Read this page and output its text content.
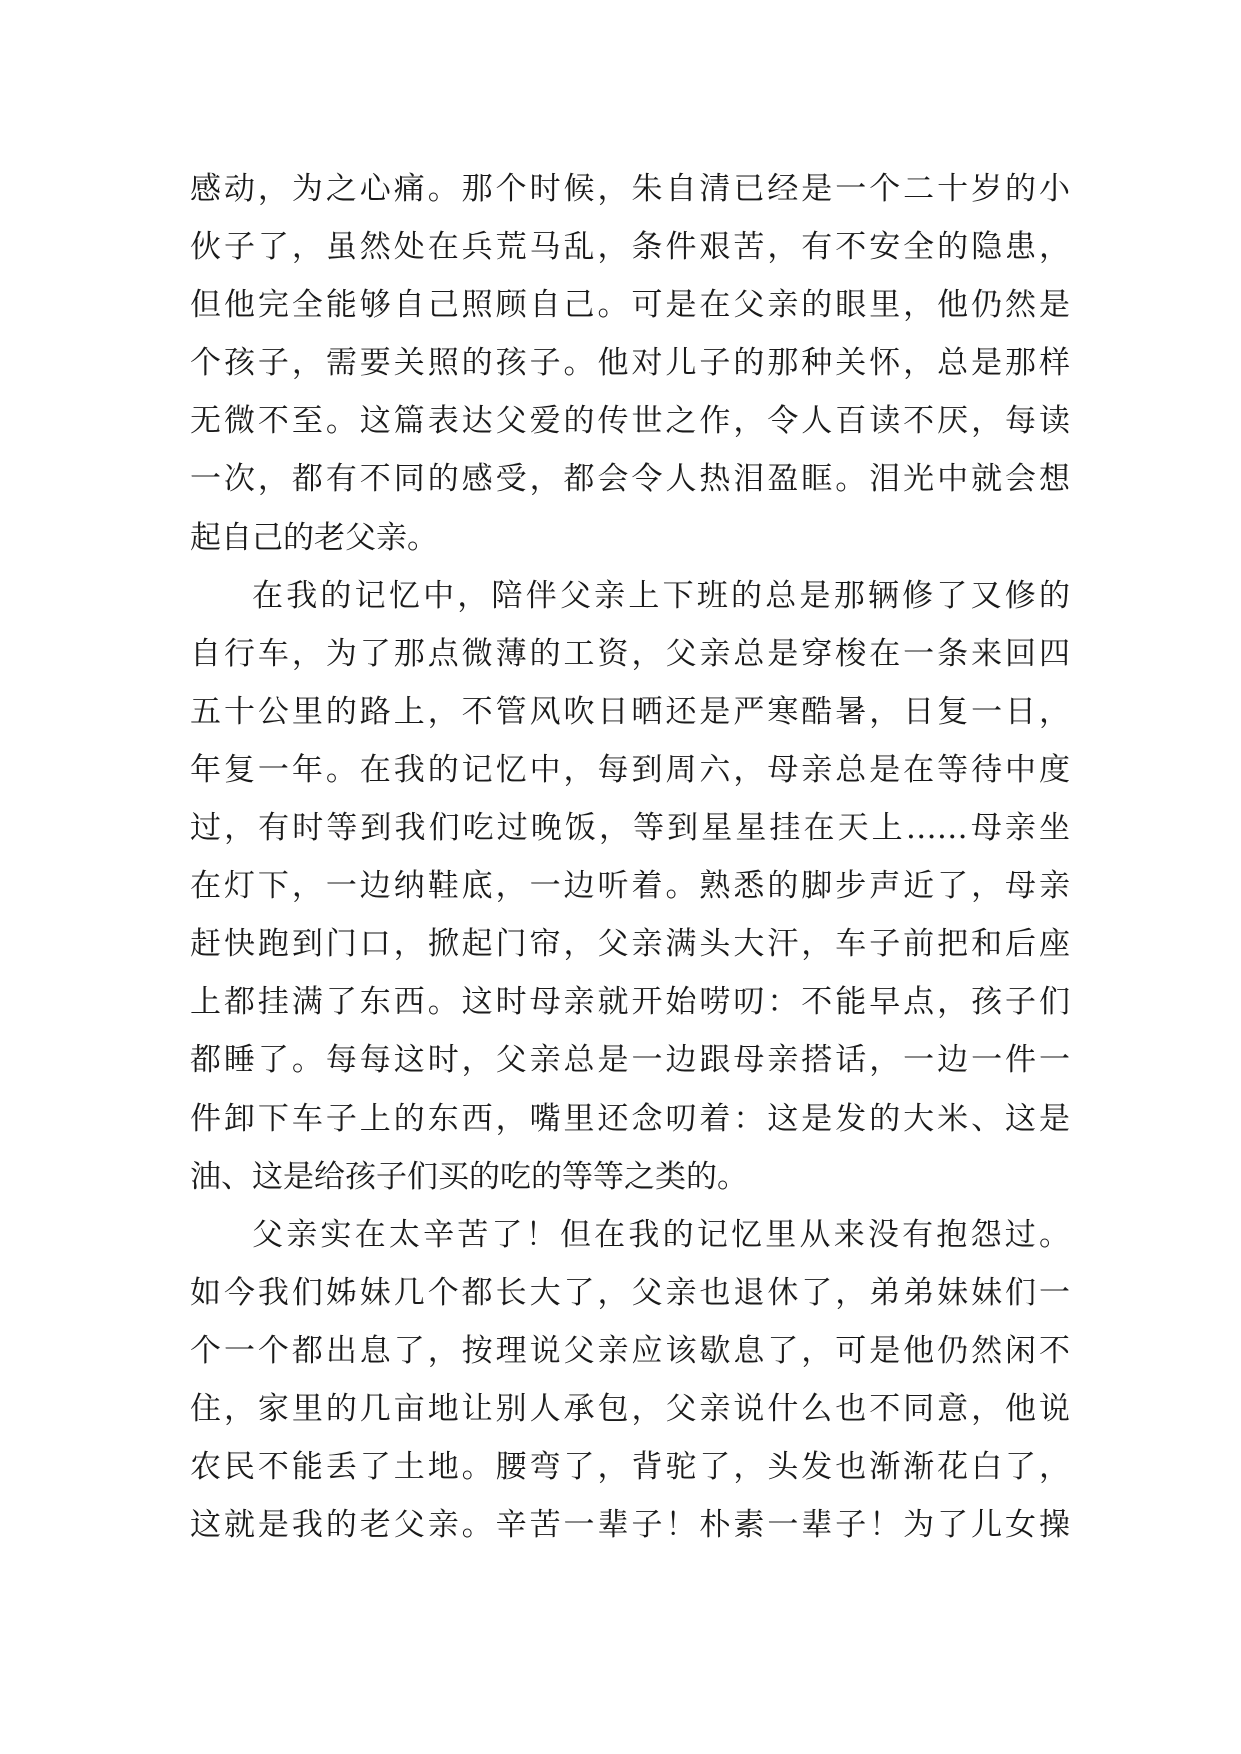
感动，为之心痛。那个时候，朱自清已经是一个二十岁的小
伙子了，虽然处在兵荒马乱，条件艰苦，有不安全的隐患，
但他完全能够自己照顾自己。可是在父亲的眼里，他仍然是
个孩子，需要关照的孩子。他对儿子的那种关怀，总是那样
无微不至。这篇表达父爱的传世之作，令人百读不厌，每读
一次，都有不同的感受，都会令人热泪盈眶。泪光中就会想
起自己的老父亲。
在我的记忆中，陪伴父亲上下班的总是那辆修了又修的
自行车，为了那点微薄的工资，父亲总是穿梭在一条来回四
五十公里的路上，不管风吹日晒还是严寒酷暑，日复一日，
年复一年。在我的记忆中，每到周六，母亲总是在等待中度
过，有时等到我们吃过晚饭，等到星星挂在天上……母亲坐
在灯下，一边纳鞋底，一边听着。熟悉的脚步声近了，母亲
赶快跑到门口，掀起门帘，父亲满头大汗，车子前把和后座
上都挂满了东西。这时母亲就开始唠叨：不能早点，孩子们
都睡了。每每这时，父亲总是一边跟母亲搭话，一边一件一
件卸下车子上的东西，嘴里还念叨着：这是发的大米、这是
油、这是给孩子们买的吃的等等之类的。
父亲实在太辛苦了！但在我的记忆里从来没有抱怨过。
如今我们姊妹几个都长大了，父亲也退休了，弟弟妹妹们一
个一个都出息了，按理说父亲应该歇息了，可是他仍然闲不
住，家里的几亩地让别人承包，父亲说什么也不同意，他说
农民不能丢了土地。腰弯了，背驼了，头发也渐渐花白了，
这就是我的老父亲。辛苦一辈子！朴素一辈子！为了儿女操
